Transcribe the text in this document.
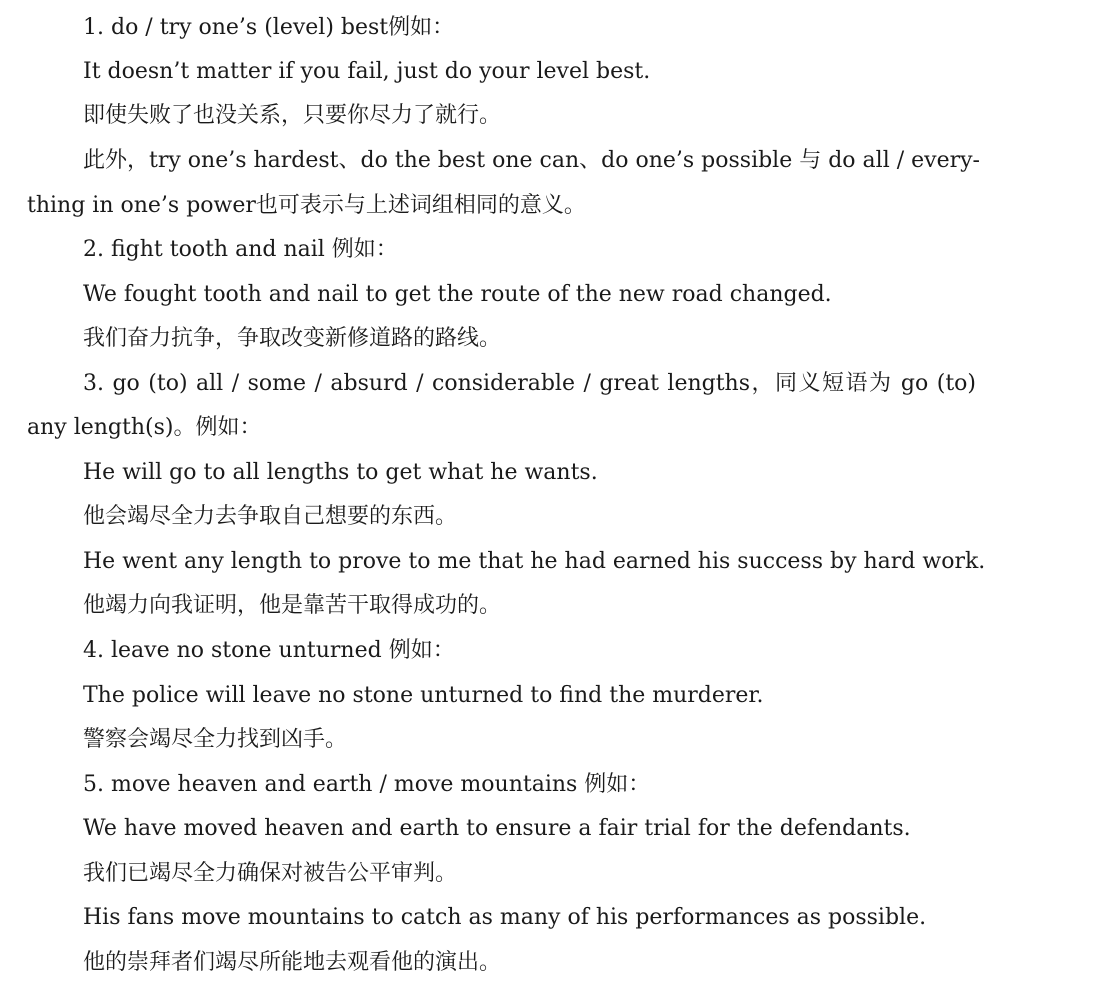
1. do / try one’s (level) best例如：
It doesn’t matter if you fail, just do your level best.
即使失败了也没关系，只要你尽力了就行。
此外，try one’s hardest、do the best one can、do one’s possible 与 do all / every-
thing in one’s power也可表示与上述词组相同的意义。
2. fight tooth and nail 例如：
We fought tooth and nail to get the route of the new road changed.
我们奋力抗争，争取改变新修道路的路线。
3. go (to) all / some / absurd / considerable / great lengths，同义短语为 go (to)
any length(s)。例如：
He will go to all lengths to get what he wants.
他会竭尽全力去争取自己想要的东西。
He went any length to prove to me that he had earned his success by hard work.
他竭力向我证明，他是靠苦干取得成功的。
4. leave no stone unturned 例如：
The police will leave no stone unturned to find the murderer.
警察会竭尽全力找到凶手。
5. move heaven and earth / move mountains 例如：
We have moved heaven and earth to ensure a fair trial for the defendants.
我们已竭尽全力确保对被告公平审判。
His fans move mountains to catch as many of his performances as possible.
他的崇拜者们竭尽所能地去观看他的演出。
